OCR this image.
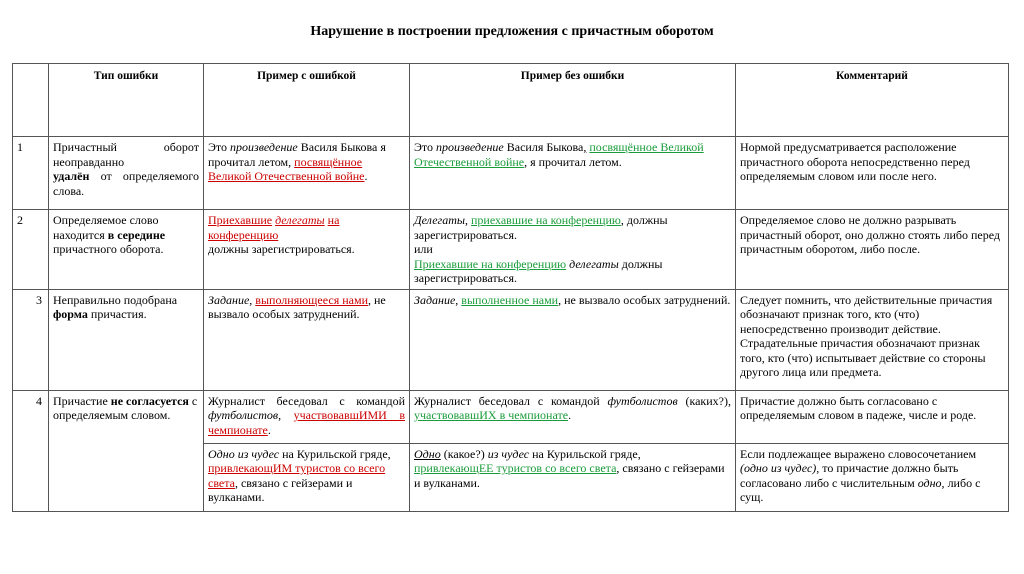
Нарушение в построении предложения с причастным оборотом
	Тип ошибки	Пример с ошибкой	Пример без ошибки	Комментарий
1	Причастный оборот неоправданно
удалён от определяемого слова.	Это произведение Василя Быкова я прочитал летом, посвящённое Великой Отечественной войне.	Это произведение Василя Быкова, посвящённое Великой Отечественной войне, я прочитал летом.	Нормой предусматривается расположение причастного оборота непосредственно перед определяемым словом или после него.
2	Определяемое слово находится в середине причастного оборота.	Приехавшие делегаты на конференцию
должны зарегистрироваться.	Делегаты, приехавшие на конференцию, должны зарегистрироваться.
или
Приехавшие на конференцию делегаты должны зарегистрироваться.	Определяемое слово не должно разрывать причастный оборот, оно должно стоять либо перед причастным оборотом, либо после.
3	Неправильно подобрана форма причастия.	Задание, выполняющееся нами, не вызвало особых затруднений.	Задание, выполненное нами, не вызвало особых затруднений.	Следует помнить, что действительные причастия обозначают признак того, кто (что) непосредственно производит действие. Страдательные причастия обозначают признак того, кто (что) испытывает действие со стороны другого лица или предмета.
4	Причастие не согласуется с определяемым словом.	Журналист беседовал с командой футболистов, участвовавшИМИ в чемпионате.	Журналист беседовал с командой футболистов (каких?), участвовавшИХ в чемпионате.	Причастие должно быть согласовано с определяемым словом в падеже, числе и роде.
		Одно из чудес на Курильской гряде, привлекающИМ туристов со всего света, связано с гейзерами и вулканами.	Одно (какое?) из чудес на Курильской гряде,
привлекающЕЕ туристов со всего света, связано с гейзерами и вулканами.	Если подлежащее выражено словосочетанием (одно из чудес), то причастие должно быть согласовано либо с числительным одно, либо с сущ.
